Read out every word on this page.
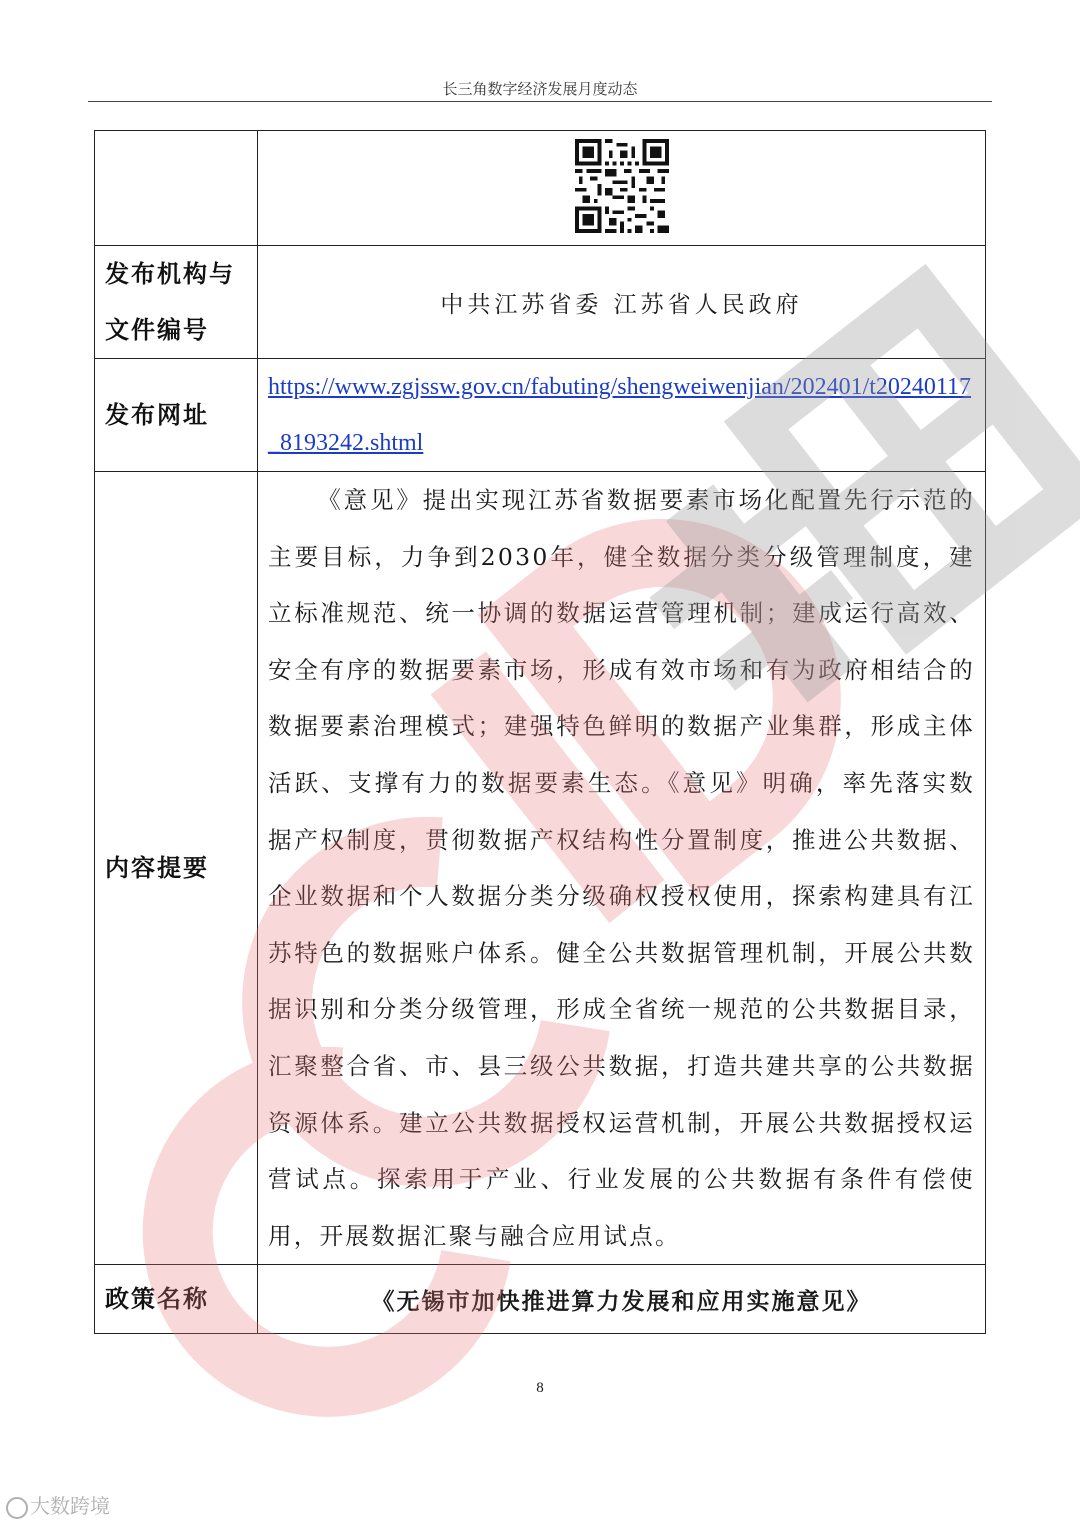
长三角数字经济发展月度动态

发布机构与文件编号	中共江苏省委 江苏省人民政府
发布网址	https://www.zgjssw.gov.cn/fabuting/shengweiwenjian/202401/t20240117_8193242.shtml
内容提要	《意见》提出实现江苏省数据要素市场化配置先行示范的主要目标，力争到2030年，健全数据分类分级管理制度，建立标准规范、统一协调的数据运营管理机制；建成运行高效、安全有序的数据要素市场，形成有效市场和有为政府相结合的数据要素治理模式；建强特色鲜明的数据产业集群，形成主体活跃、支撑有力的数据要素生态。《意见》明确，率先落实数据产权制度，贯彻数据产权结构性分置制度，推进公共数据、企业数据和个人数据分类分级确权授权使用，探索构建具有江苏特色的数据账户体系。健全公共数据管理机制，开展公共数据识别和分类分级管理，形成全省统一规范的公共数据目录，汇聚整合省、市、县三级公共数据，打造共建共享的公共数据资源体系。建立公共数据授权运营机制，开展公共数据授权运营试点。探索用于产业、行业发展的公共数据有条件有偿使用，开展数据汇聚与融合应用试点。

政策名称	《无锡市加快推进算力发展和应用实施意见》
8
大数跨境
